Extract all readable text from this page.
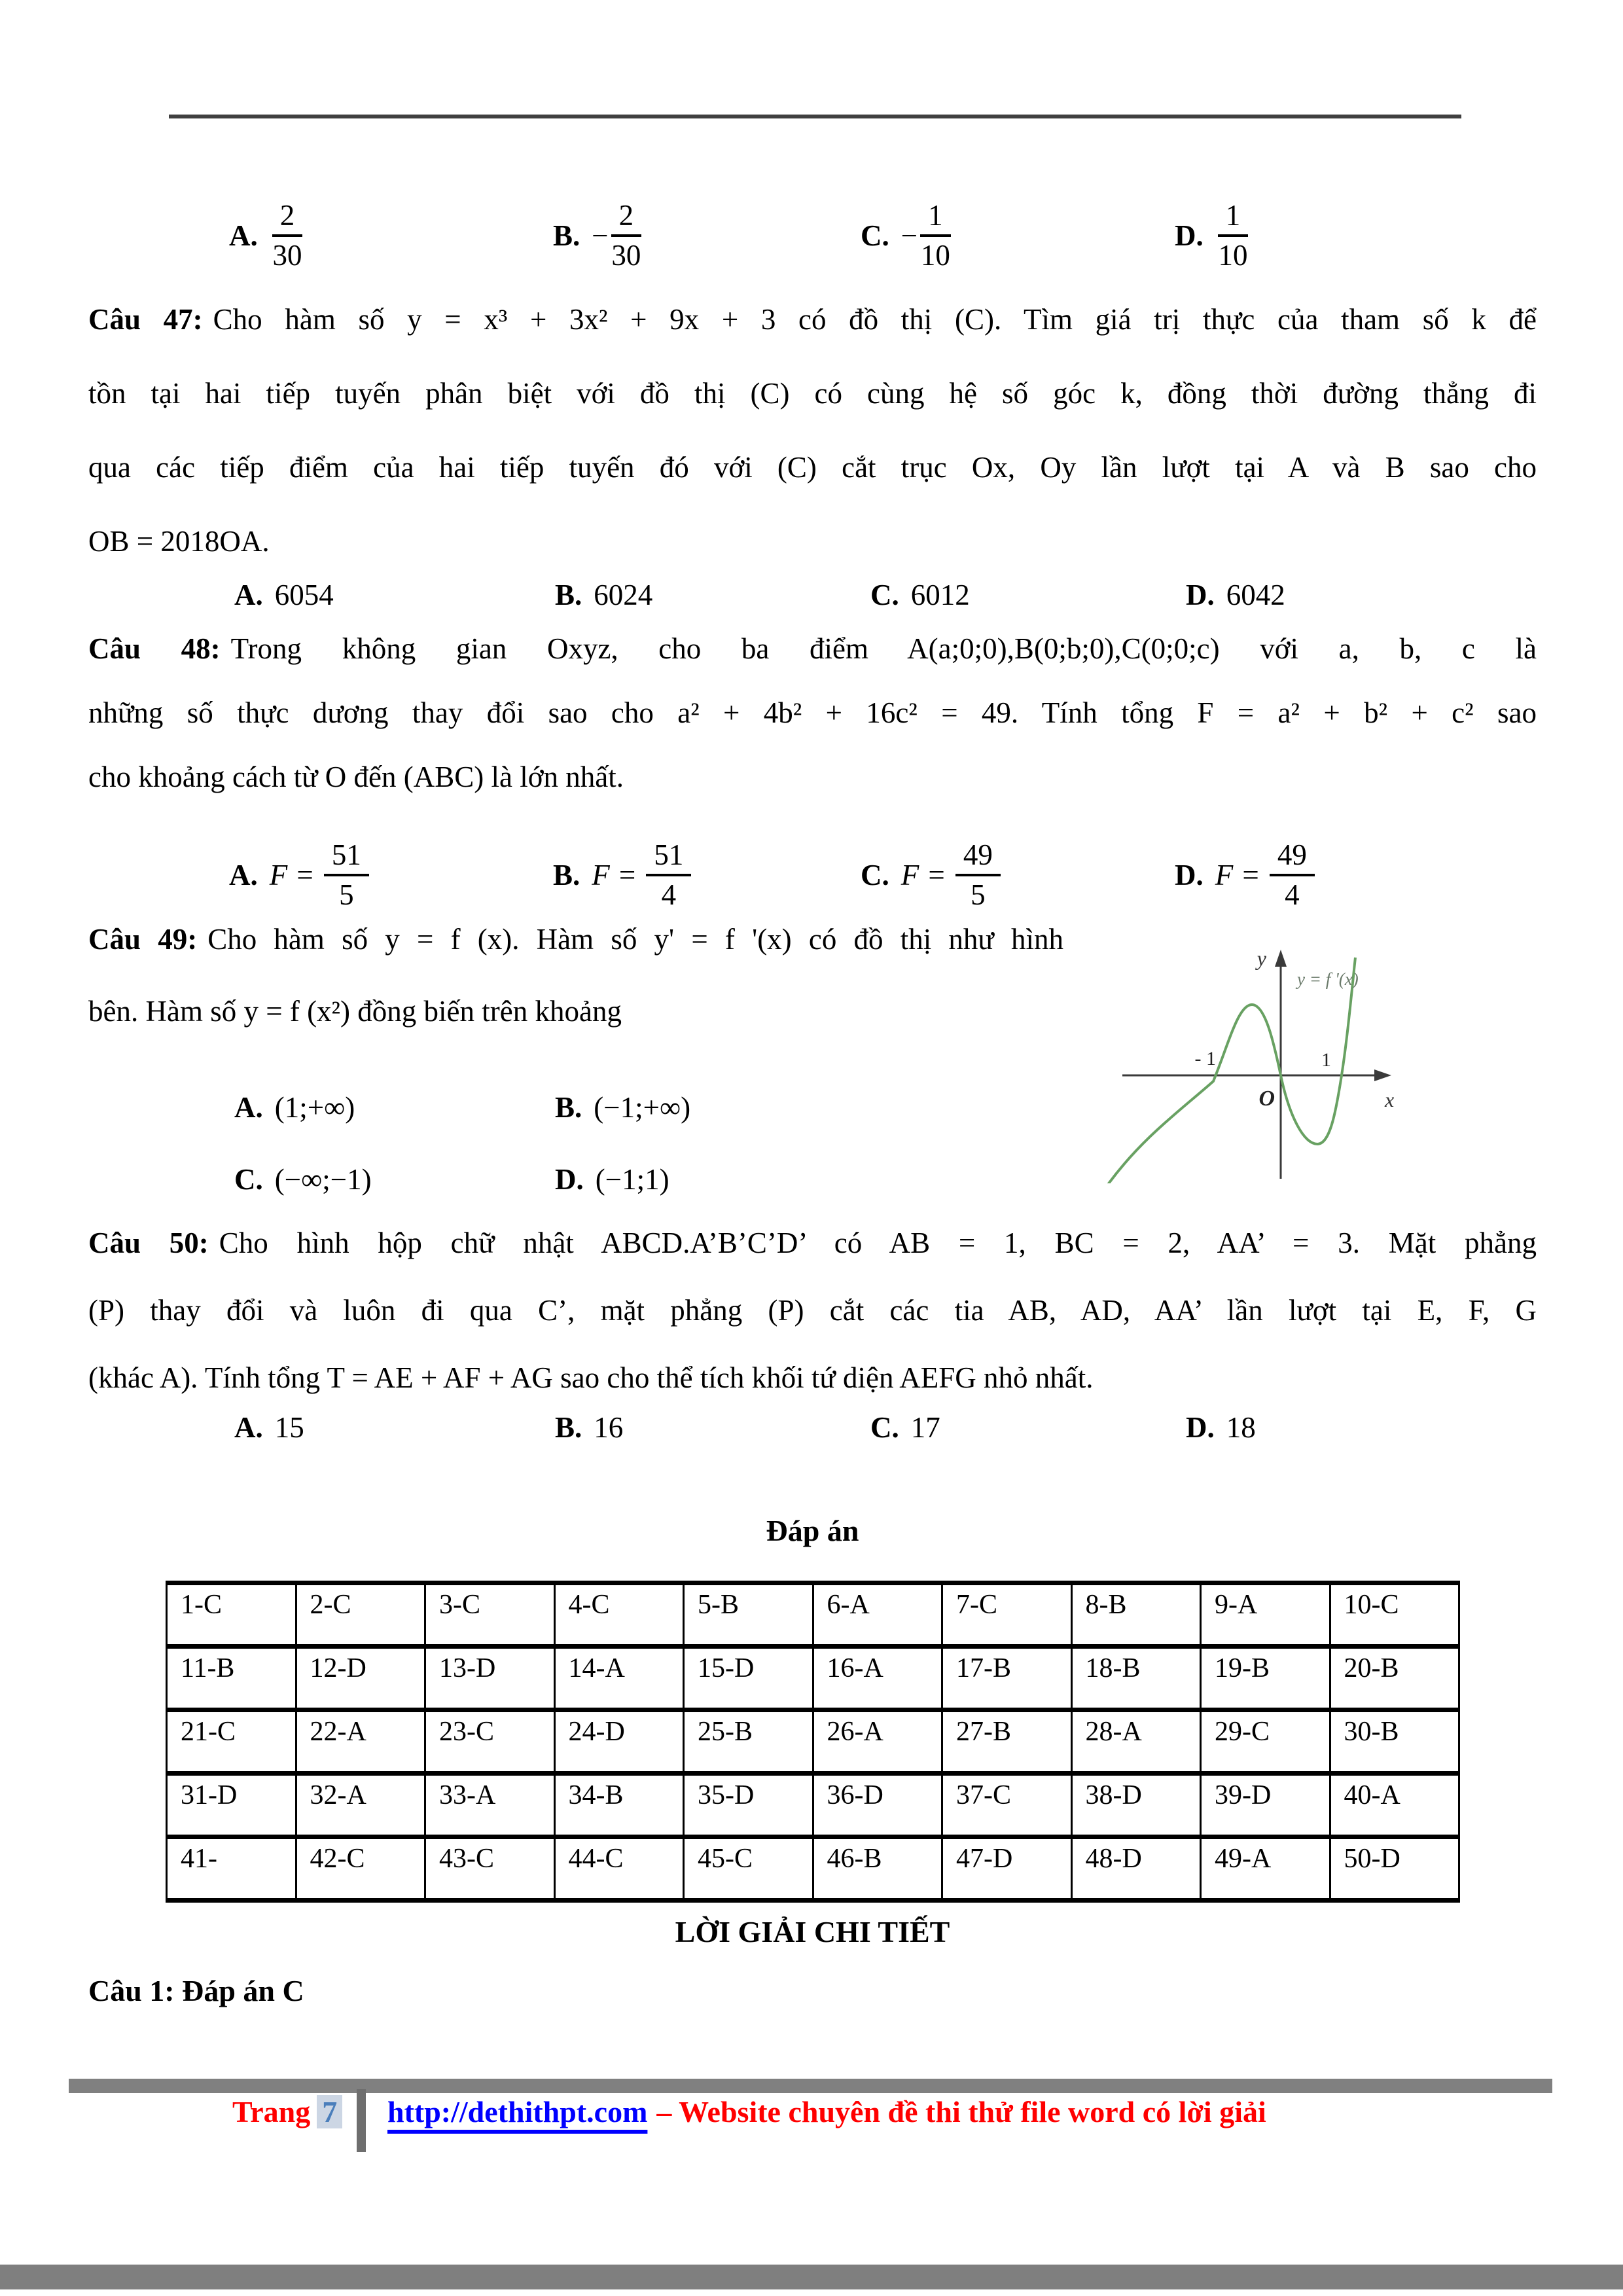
A. $\frac{2}{30}$	B. − $\frac{2}{30}$	C. − $\frac{1}{10}$	D. $\frac{1}{10}$
Câu 47: Cho hàm số y = x³ + 3x² + 9x + 3 có đồ thị (C). Tìm giá trị thực của tham số k để
tồn tại hai tiếp tuyến phân biệt với đồ thị (C) có cùng hệ số góc k, đồng thời đường thẳng đi
qua các tiếp điểm của hai tiếp tuyến đó với (C) cắt trục Ox, Oy lần lượt tại A và B sao cho
OB = 2018OA.
A. 6054	B. 6024	C. 6012	D. 6042
Câu 48: Trong không gian Oxyz, cho ba điểm A(a;0;0),B(0;b;0),C(0;0;c) với a, b, c là
những số thực dương thay đổi sao cho a² + 4b² + 16c² = 49. Tính tổng F = a² + b² + c² sao
cho khoảng cách từ O đến (ABC) là lớn nhất.
A. $F = \frac{51}{5}$	B. $F = \frac{51}{4}$	C. $F = \frac{49}{5}$	D. $F = \frac{49}{4}$
Câu 49: Cho hàm số y = f (x). Hàm số y' = f '(x) có đồ thị như hình
bên. Hàm số y = f (x²) đồng biến trên khoảng
y
x
O
- 1	1
y = f '(x)
A. (1;+∞)	B. (−1;+∞)
C. (−∞;−1)	D. (−1;1)
Câu 50: Cho hình hộp chữ nhật ABCD.A’B’C’D’ có AB = 1, BC = 2, AA’ = 3. Mặt phẳng
(P) thay đổi và luôn đi qua C’, mặt phẳng (P) cắt các tia AB, AD, AA’ lần lượt tại E, F, G
(khác A). Tính tổng T = AE + AF + AG sao cho thể tích khối tứ diện AEFG nhỏ nhất.
A. 15	B. 16	C. 17	D. 18
Đáp án
1-C	2-C	3-C	4-C	5-B	6-A	7-C	8-B	9-A	10-C
11-B	12-D	13-D	14-A	15-D	16-A	17-B	18-B	19-B	20-B
21-C	22-A	23-C	24-D	25-B	26-A	27-B	28-A	29-C	30-B
31-D	32-A	33-A	34-B	35-D	36-D	37-C	38-D	39-D	40-A
41-	42-C	43-C	44-C	45-C	46-B	47-D	48-D	49-A	50-D
LỜI GIẢI CHI TIẾT
Câu 1: Đáp án C
Trang 7 http://dethithpt.com – Website chuyên đề thi thử file word có lời giải
